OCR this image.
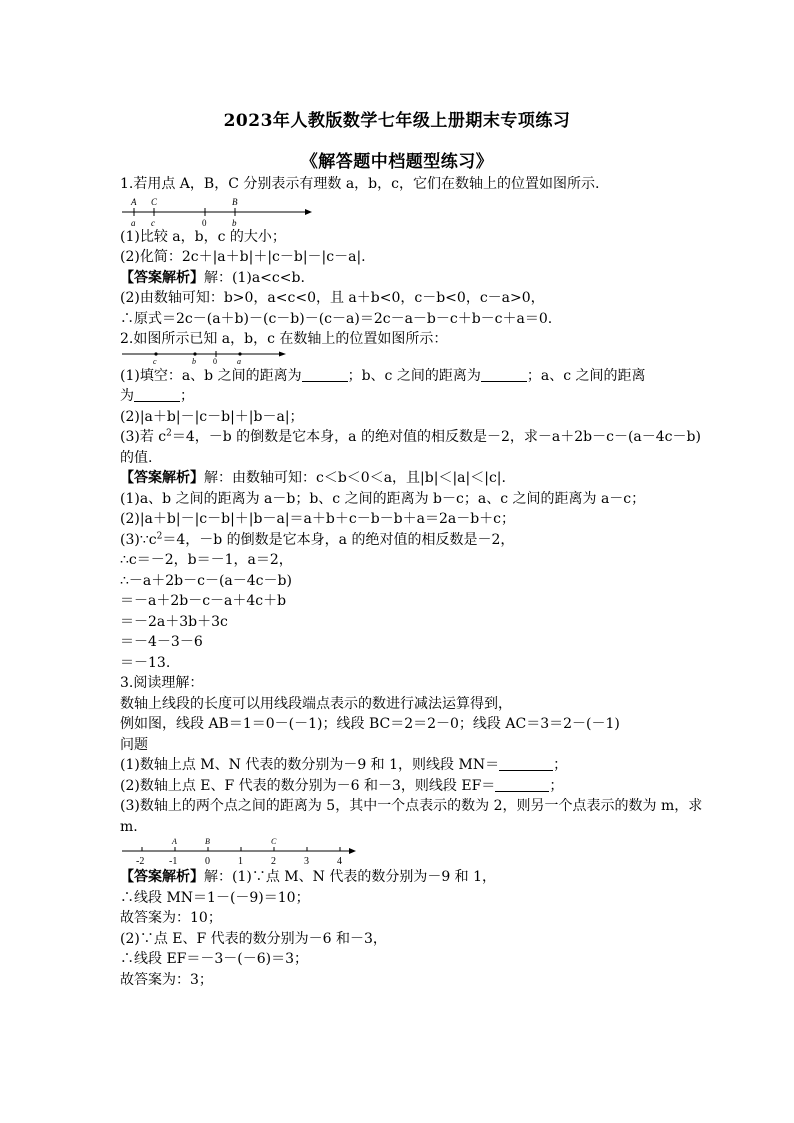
2023年人教版数学七年级上册期末专项练习
《解答题中档题型练习》
1.若用点 A，B，C 分别表示有理数 a，b，c，它们在数轴上的位置如图所示.
A C	B
a c	0	b
(1)比较 a，b，c 的大小；
(2)化简：2c＋|a＋b|＋|c－b|－|c－a|.
【答案解析】解：(1)a<c<b.
(2)由数轴可知：b>0，a<c<0，且 a＋b<0，c－b<0，c－a>0，
∴原式＝2c－(a＋b)－(c－b)－(c－a)＝2c－a－b－c＋b－c＋a＝0.
2.如图所示已知 a，b，c 在数轴上的位置如图所示：
c	b 0	a
(1)填空：a、b 之间的距离为	；b、c 之间的距离为	；a、c 之间的距离
为	；
(2)|a＋b|－|c－b|＋|b－a|；
(3)若 $c^2=4$，－b 的倒数是它本身，a 的绝对值的相反数是－2，求－a＋2b－c－(a－4c－b)的值.
【答案解析】解：由数轴可知：c＜b＜0＜a，且|b|＜|a|＜|c|.
(1)a、b 之间的距离为 a－b；b、c 之间的距离为 b－c；a、c 之间的距离为 a－c；
(2)|a＋b|－|c－b|＋|b－a|＝a＋b＋c－b－b＋a＝2a－b＋c；
$(3)\because c^2=4$，－b 的倒数是它本身，a 的绝对值的相反数是－2，
∴c＝－2，b＝－1，a＝2，
∴－a＋2b－c－(a－4c－b)
＝－a＋2b－c－a＋4c＋b
＝－2a＋3b＋3c
＝－4－3－6
＝－13.
3.阅读理解：
数轴上线段的长度可以用线段端点表示的数进行减法运算得到，
例如图，线段 AB＝1＝0－(－1)；线段 BC＝2＝2－0；线段 AC＝3＝2－(－1)
问题
(1)数轴上点 M、N 代表的数分别为－9 和 1，则线段 MN＝	；
(2)数轴上点 E、F 代表的数分别为－6 和－3，则线段 EF＝	；
(3)数轴上的两个点之间的距离为 5，其中一个点表示的数为 2，则另一个点表示的数为 m，求 m.
A	B	C
-2 -1	0	1	2	3	4
【答案解析】解：(1)∵点 M、N 代表的数分别为－9 和 1，
∴线段 MN＝1－(－9)＝10；
故答案为：10；
(2)∵点 E、F 代表的数分别为－6 和－3，
∴线段 EF＝－3－(－6)＝3；
故答案为：3；
